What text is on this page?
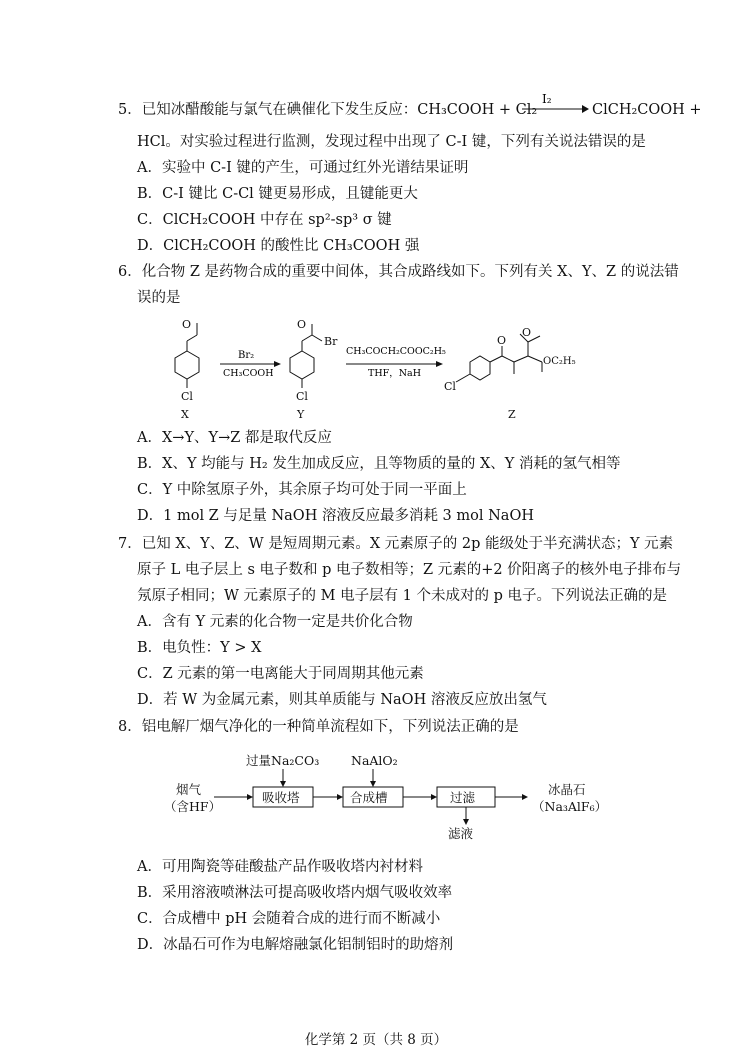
5．已知冰醋酸能与氯气在碘催化下发生反应：CH₃COOH + Cl₂
I₂
ClCH₂COOH +
HCl。对实验过程进行监测，发现过程中出现了 C-I 键，下列有关说法错误的是
A．实验中 C-I 键的产生，可通过红外光谱结果证明
B．C-I 键比 C-Cl 键更易形成，且键能更大
C．ClCH₂COOH 中存在 sp²-sp³ σ 键
D．ClCH₂COOH 的酸性比 CH₃COOH 强
6．化合物 Z 是药物合成的重要中间体，其合成路线如下。下列有关 X、Y、Z 的说法错
误的是
O
Cl
X
O
Br
Cl
Y
O
O
OC₂H₅
Cl
Z
Br₂
CH₃COOH
CH₃COCH₂COOC₂H₅
THF，NaH
A．X→Y、Y→Z 都是取代反应
B．X、Y 均能与 H₂ 发生加成反应，且等物质的量的 X、Y 消耗的氢气相等
C．Y 中除氢原子外，其余原子均可处于同一平面上
D．1 mol Z 与足量 NaOH 溶液反应最多消耗 3 mol NaOH
7．已知 X、Y、Z、W 是短周期元素。X 元素原子的 2p 能级处于半充满状态；Y 元素
原子 L 电子层上 s 电子数和 p 电子数相等；Z 元素的+2 价阳离子的核外电子排布与
氖原子相同；W 元素原子的 M 电子层有 1 个未成对的 p 电子。下列说法正确的是
A．含有 Y 元素的化合物一定是共价化合物
B．电负性：Y > X
C．Z 元素的第一电离能大于同周期其他元素
D．若 W 为金属元素，则其单质能与 NaOH 溶液反应放出氢气
8．铝电解厂烟气净化的一种简单流程如下，下列说法正确的是
烟气
（含HF）
过量Na₂CO₃	NaAlO₂
吸收塔	合成槽	过滤
滤液
冰晶石
（Na₃AlF₆）
A．可用陶瓷等硅酸盐产品作吸收塔内衬材料
B．采用溶液喷淋法可提高吸收塔内烟气吸收效率
C．合成槽中 pH 会随着合成的进行而不断减小
D．冰晶石可作为电解熔融氯化铝制铝时的助熔剂
化学第 2 页（共 8 页）
